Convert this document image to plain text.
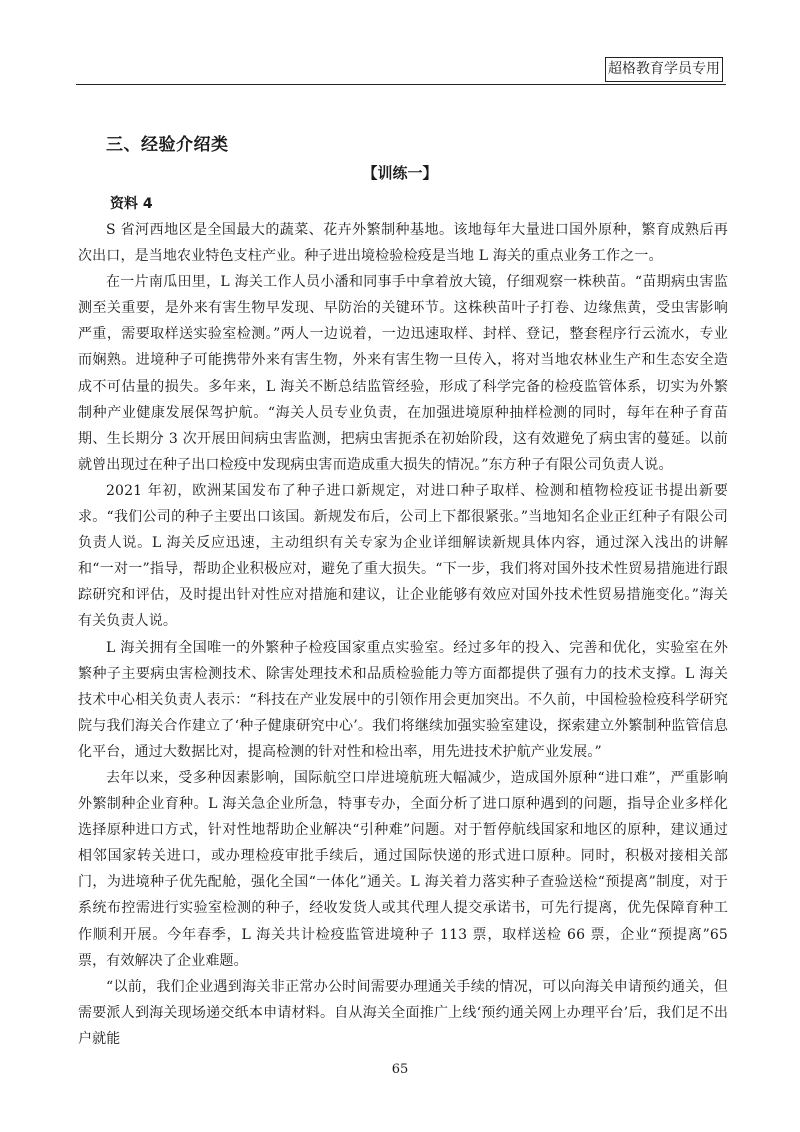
超格教育学员专用
三、经验介绍类
【训练一】
资料 4

S 省河西地区是全国最大的蔬菜、花卉外繁制种基地。该地每年大量进口国外原种，繁育成熟后再次出口，是当地农业特色支柱产业。种子进出境检验检疫是当地 L 海关的重点业务工作之一。

在一片南瓜田里，L 海关工作人员小潘和同事手中拿着放大镜，仔细观察一株秧苗。“苗期病虫害监测至关重要，是外来有害生物早发现、早防治的关键环节。这株秧苗叶子打卷、边缘焦黄，受虫害影响严重，需要取样送实验室检测。”两人一边说着，一边迅速取样、封样、登记，整套程序行云流水，专业而娴熟。进境种子可能携带外来有害生物，外来有害生物一旦传入，将对当地农林业生产和生态安全造成不可估量的损失。多年来，L 海关不断总结监管经验，形成了科学完备的检疫监管体系，切实为外繁制种产业健康发展保驾护航。“海关人员专业负责，在加强进境原种抽样检测的同时，每年在种子育苗期、生长期分 3 次开展田间病虫害监测，把病虫害扼杀在初始阶段，这有效避免了病虫害的蔓延。以前就曾出现过在种子出口检疫中发现病虫害而造成重大损失的情况。”东方种子有限公司负责人说。

2021 年初，欧洲某国发布了种子进口新规定，对进口种子取样、检测和植物检疫证书提出新要求。“我们公司的种子主要出口该国。新规发布后，公司上下都很紧张。”当地知名企业正红种子有限公司负责人说。L 海关反应迅速，主动组织有关专家为企业详细解读新规具体内容，通过深入浅出的讲解和“一对一”指导，帮助企业积极应对，避免了重大损失。“下一步，我们将对国外技术性贸易措施进行跟踪研究和评估，及时提出针对性应对措施和建议，让企业能够有效应对国外技术性贸易措施变化。”海关有关负责人说。

L 海关拥有全国唯一的外繁种子检疫国家重点实验室。经过多年的投入、完善和优化，实验室在外繁种子主要病虫害检测技术、除害处理技术和品质检验能力等方面都提供了强有力的技术支撑。L 海关技术中心相关负责人表示：“科技在产业发展中的引领作用会更加突出。不久前，中国检验检疫科学研究院与我们海关合作建立了‘种子健康研究中心’。我们将继续加强实验室建设，探索建立外繁制种监管信息化平台，通过大数据比对，提高检测的针对性和检出率，用先进技术护航产业发展。”

去年以来，受多种因素影响，国际航空口岸进境航班大幅减少，造成国外原种“进口难”，严重影响外繁制种企业育种。L 海关急企业所急，特事专办，全面分析了进口原种遇到的问题，指导企业多样化选择原种进口方式，针对性地帮助企业解决“引种难”问题。对于暂停航线国家和地区的原种，建议通过相邻国家转关进口，或办理检疫审批手续后，通过国际快递的形式进口原种。同时，积极对接相关部门，为进境种子优先配舱，强化全国“一体化”通关。L 海关着力落实种子查验送检“预提离”制度，对于系统布控需进行实验室检测的种子，经收发货人或其代理人提交承诺书，可先行提离，优先保障育种工作顺利开展。今年春季，L 海关共计检疫监管进境种子 113 票，取样送检 66 票，企业“预提离”65 票，有效解决了企业难题。

“以前，我们企业遇到海关非正常办公时间需要办理通关手续的情况，可以向海关申请预约通关，但需要派人到海关现场递交纸本申请材料。自从海关全面推广上线‘预约通关网上办理平台’后，我们足不出户就能

65
